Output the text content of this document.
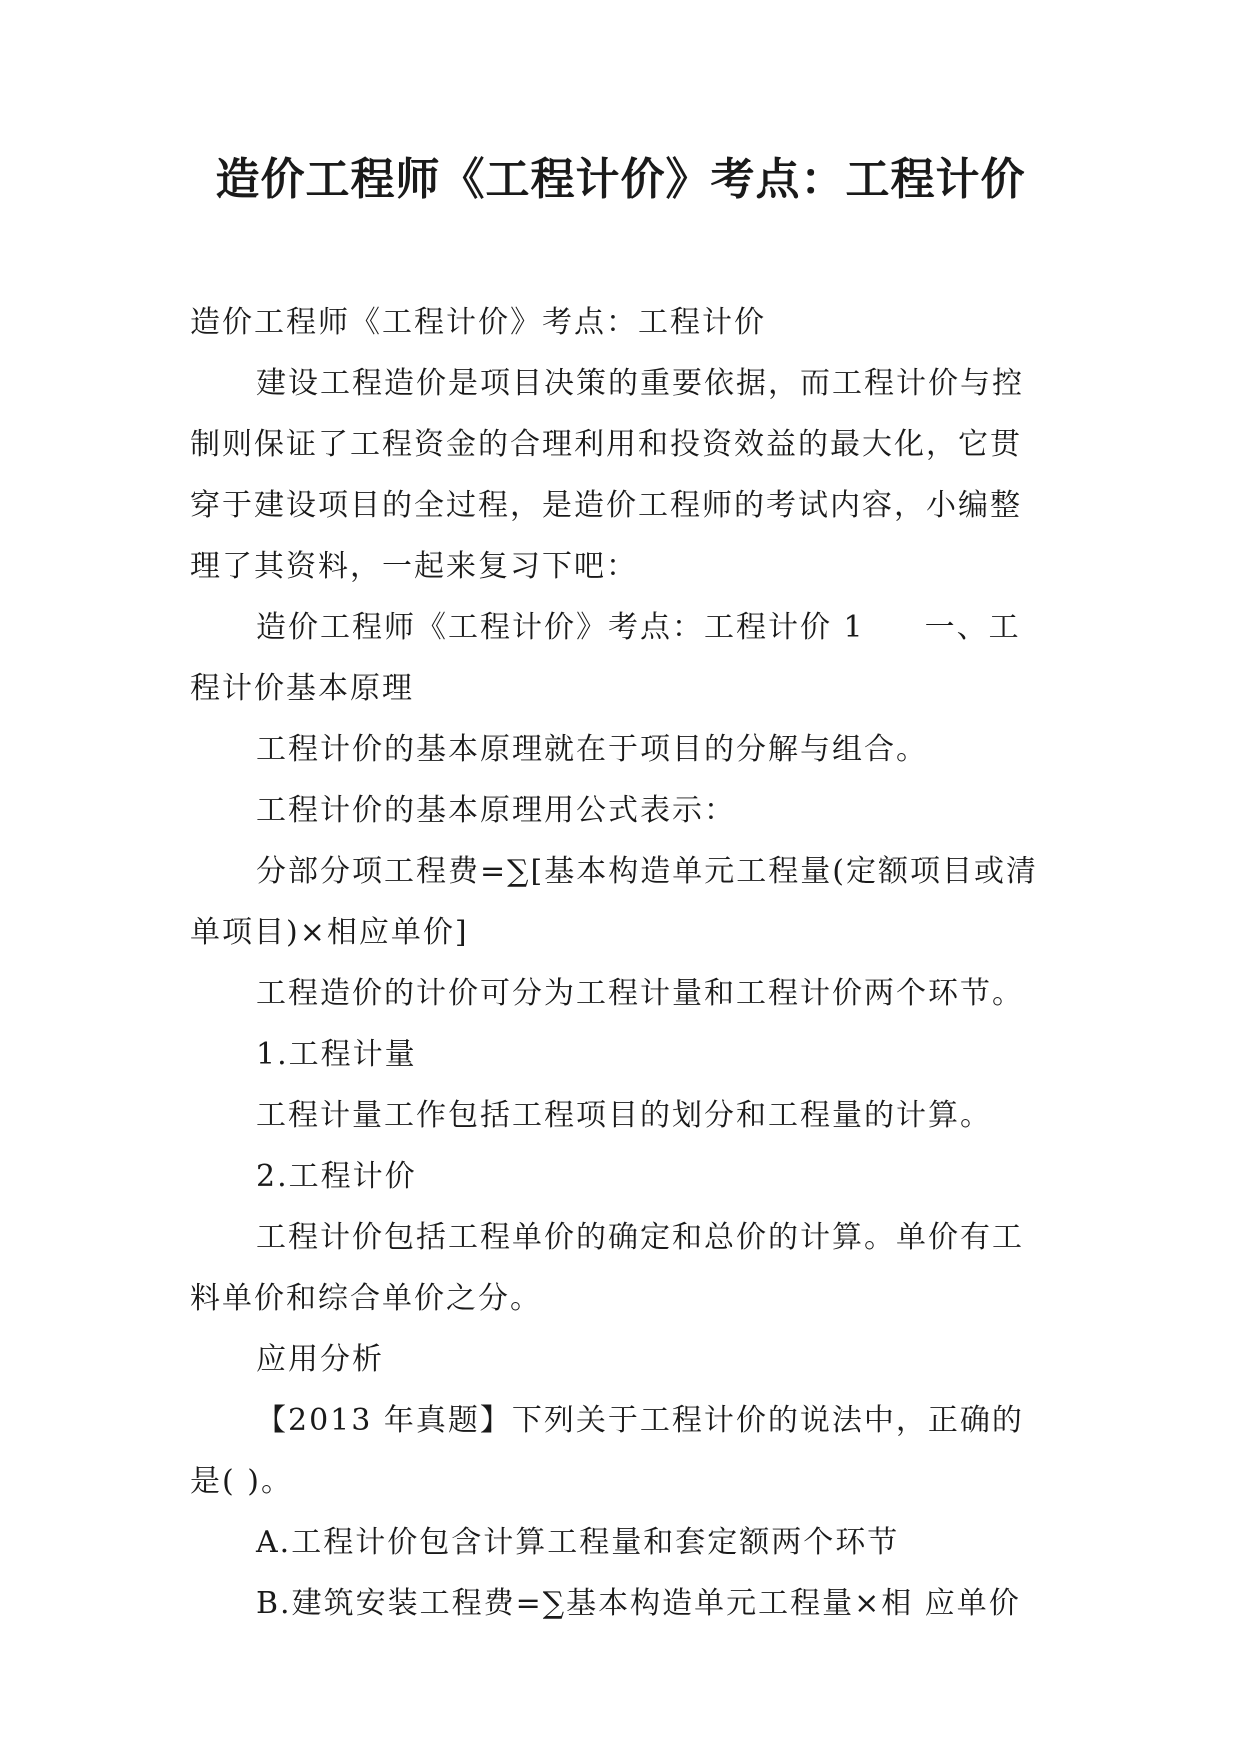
造价工程师《工程计价》考点：工程计价

造价工程师《工程计价》考点：工程计价

建设工程造价是项目决策的重要依据，而工程计价与控制则保证了工程资金的合理利用和投资效益的最大化，它贯穿于建设项目的全过程，是造价工程师的考试内容，小编整理了其资料，一起来复习下吧：

造价工程师《工程计价》考点：工程计价 1 一、工程计价基本原理

工程计价的基本原理就在于项目的分解与组合。

工程计价的基本原理用公式表示：

分部分项工程费=∑[基本构造单元工程量(定额项目或清单项目)×相应单价]

工程造价的计价可分为工程计量和工程计价两个环节。

1.工程计量

工程计量工作包括工程项目的划分和工程量的计算。

2.工程计价

工程计价包括工程单价的确定和总价的计算。单价有工料单价和综合单价之分。

应用分析

【2013 年真题】下列关于工程计价的说法中，正确的是( )。

A.工程计价包含计算工程量和套定额两个环节

B.建筑安装工程费=∑基本构造单元工程量×相 应单价
